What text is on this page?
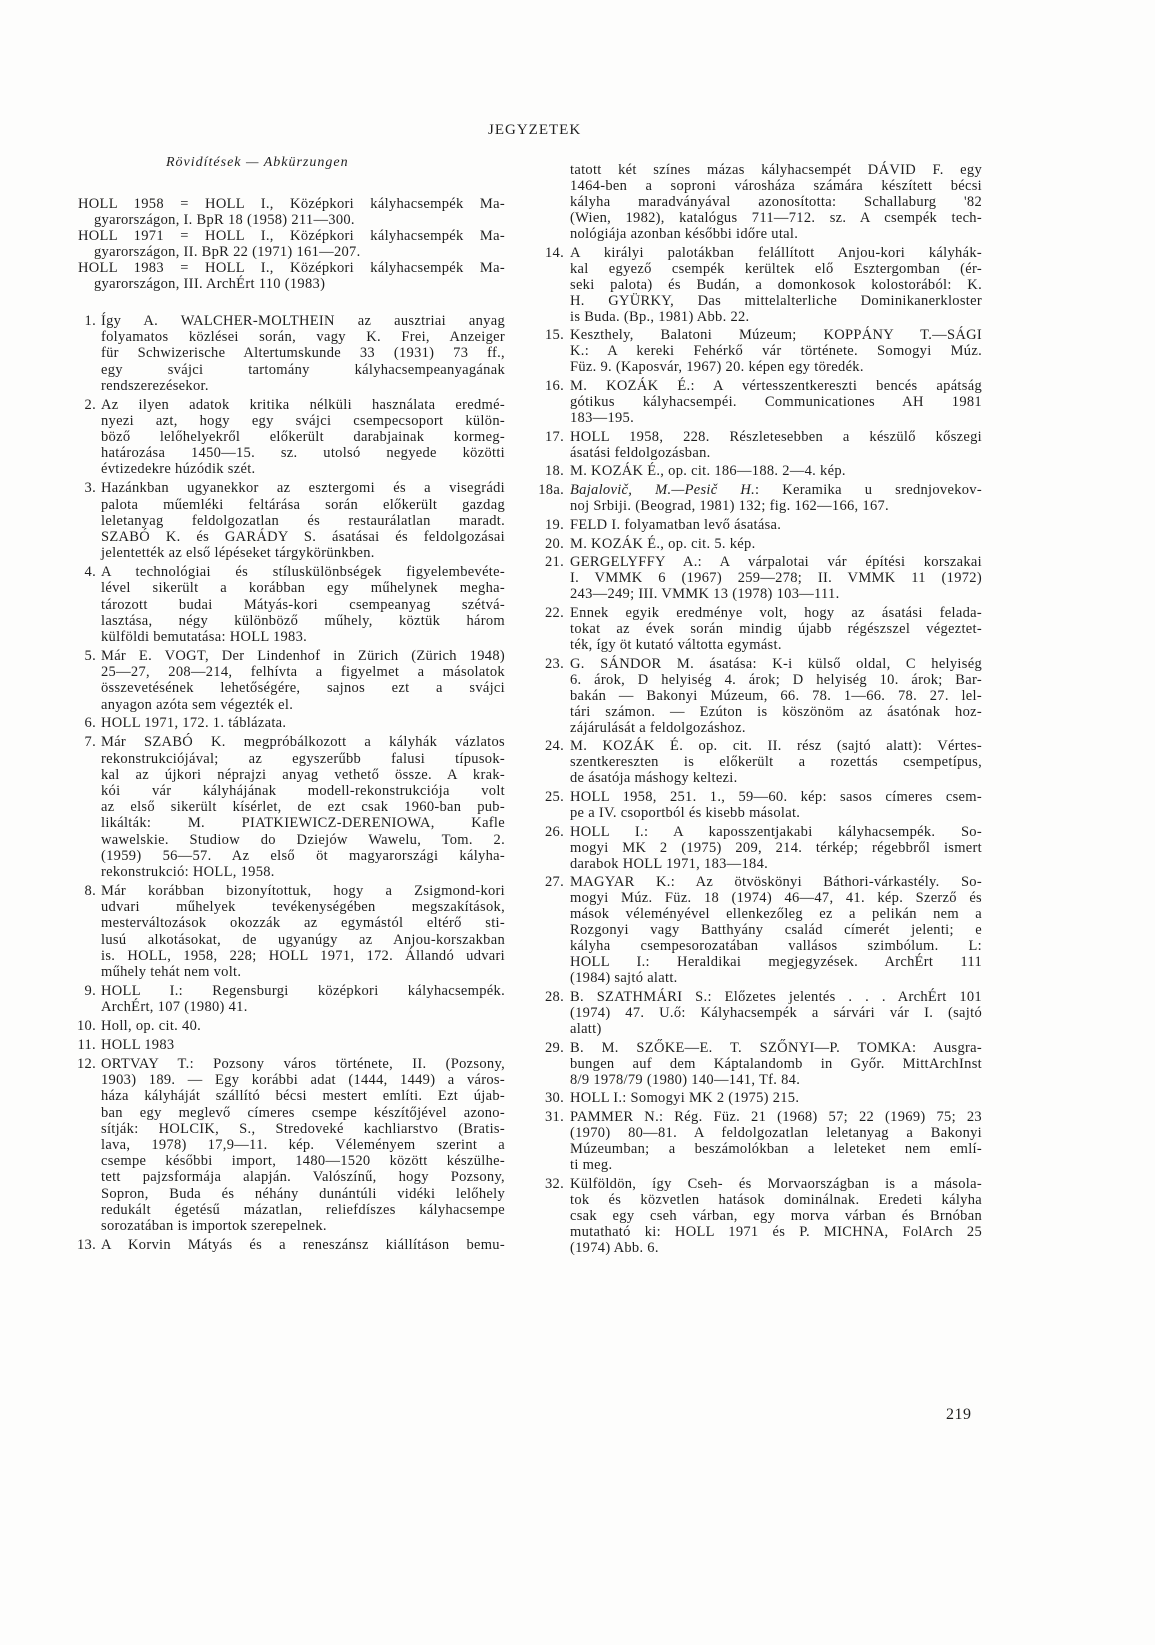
JEGYZETEK
Rövidítések — Abkürzungen
HOLL 1958 = HOLL I., Középkori kályhacsempék Ma-
gyarországon, I. BpR 18 (1958) 211—300.
HOLL 1971 = HOLL I., Középkori kályhacsempék Ma-
gyarországon, II. BpR 22 (1971) 161—207.
HOLL 1983 = HOLL I., Középkori kályhacsempék Ma-
gyarországon, III. ArchÉrt 110 (1983)
1. Így A. WALCHER-MOLTHEIN az ausztriai anyag
folyamatos közlései során, vagy K. Frei, Anzeiger
für Schwizerische Altertumskunde 33 (1931) 73 ff.,
egy svájci tartomány kályhacsempeanyagának
rendszerezésekor.
2. Az ilyen adatok kritika nélküli használata eredmé-
nyezi azt, hogy egy svájci csempecsoport külön-
böző lelőhelyekről előkerült darabjainak kormeg-
határozása 1450—15. sz. utolsó negyede közötti
évtizedekre húzódik szét.
3. Hazánkban ugyanekkor az esztergomi és a visegrádi
palota műemléki feltárása során előkerült gazdag
leletanyag feldolgozatlan és restaurálatlan maradt.
SZABÓ K. és GARÁDY S. ásatásai és feldolgozásai
jelentették az első lépéseket tárgykörünkben.
4. A technológiai és stíluskülönbségek figyelembevéte-
lével sikerült a korábban egy műhelynek megha-
tározott budai Mátyás-kori csempeanyag szétvá-
lasztása, négy különböző műhely, köztük három
külföldi bemutatása: HOLL 1983.
5. Már E. VOGT, Der Lindenhof in Zürich (Zürich 1948)
25—27, 208—214, felhívta a figyelmet a másolatok
összevetésének lehetőségére, sajnos ezt a svájci
anyagon azóta sem végezték el.
6. HOLL 1971, 172. 1. táblázata.
7. Már SZABÓ K. megpróbálkozott a kályhák vázlatos
rekonstrukciójával; az egyszerűbb falusi típusok-
kal az újkori néprajzi anyag vethető össze. A krak-
kói vár kályhájának modell-rekonstrukciója volt
az első sikerült kísérlet, de ezt csak 1960-ban pub-
likálták: M. PIATKIEWICZ-DERENIOWA, Kafle
wawelskie. Studiow do Dziejów Wawelu, Tom. 2.
(1959) 56—57. Az első öt magyarországi kályha-
rekonstrukció: HOLL, 1958.
8. Már korábban bizonyítottuk, hogy a Zsigmond-kori
udvari műhelyek tevékenységében megszakítások,
mesterváltozások okozzák az egymástól eltérő sti-
lusú alkotásokat, de ugyanúgy az Anjou-korszakban
is. HOLL, 1958, 228; HOLL 1971, 172. Állandó udvari
műhely tehát nem volt.
9. HOLL I.: Regensburgi középkori kályhacsempék.
ArchÉrt, 107 (1980) 41.
10. Holl, op. cit. 40.
11. HOLL 1983
12. ORTVAY T.: Pozsony város története, II. (Pozsony,
1903) 189. — Egy korábbi adat (1444, 1449) a város-
háza kályháját szállító bécsi mestert említi. Ezt újab-
ban egy meglevő címeres csempe készítőjével azono-
sítják: HOLCIK, S., Stredoveké kachliarstvo (Bratis-
lava, 1978) 17,9—11. kép. Véleményem szerint a
csempe későbbi import, 1480—1520 között készülhe-
tett pajzsformája alapján. Valószínű, hogy Pozsony,
Sopron, Buda és néhány dunántúli vidéki lelőhely
redukált égetésű mázatlan, reliefdíszes kályhacsempe
sorozatában is importok szerepelnek.
13. A Korvin Mátyás és a reneszánsz kiállításon bemu-
tatott két színes mázas kályhacsempét DÁVID F. egy
1464-ben a soproni városháza számára készített bécsi
kályha maradványával azonosította: Schallaburg '82
(Wien, 1982), katalógus 711—712. sz. A csempék tech-
nológiája azonban későbbi időre utal.
14. A királyi palotákban felállított Anjou-kori kályhák-
kal egyező csempék kerültek elő Esztergomban (ér-
seki palota) és Budán, a domonkosok kolostorából: K.
H. GYÜRKY, Das mittelalterliche Dominikanerkloster
is Buda. (Bp., 1981) Abb. 22.
15. Keszthely, Balatoni Múzeum; KOPPÁNY T.—SÁGI
K.: A kereki Fehérkő vár története. Somogyi Múz.
Füz. 9. (Kaposvár, 1967) 20. képen egy töredék.
16. M. KOZÁK É.: A vértesszentkereszti bencés apátság
gótikus kályhacsempéi. Communicationes AH 1981
183—195.
17. HOLL 1958, 228. Részletesebben a készülő kőszegi
ásatási feldolgozásban.
18. M. KOZÁK É., op. cit. 186—188. 2—4. kép.
18a. Bajalovič, M.—Pesič H.: Keramika u srednjovekov-
noj Srbiji. (Beograd, 1981) 132; fig. 162—166, 167.
19. FELD I. folyamatban levő ásatása.
20. M. KOZÁK É., op. cit. 5. kép.
21. GERGELYFFY A.: A várpalotai vár építési korszakai
I. VMMK 6 (1967) 259—278; II. VMMK 11 (1972)
243—249; III. VMMK 13 (1978) 103—111.
22. Ennek egyik eredménye volt, hogy az ásatási felada-
tokat az évek során mindig újabb régészszel végeztet-
ték, így öt kutató váltotta egymást.
23. G. SÁNDOR M. ásatása: K-i külső oldal, C helyiség
6. árok, D helyiség 4. árok; D helyiség 10. árok; Bar-
bakán — Bakonyi Múzeum, 66. 78. 1—66. 78. 27. lel-
tári számon. — Ezúton is köszönöm az ásatónak hoz-
zájárulását a feldolgozáshoz.
24. M. KOZÁK É. op. cit. II. rész (sajtó alatt): Vértes-
szentkereszten is előkerült a rozettás csempetípus,
de ásatója máshogy keltezi.
25. HOLL 1958, 251. 1., 59—60. kép: sasos címeres csem-
pe a IV. csoportból és kisebb másolat.
26. HOLL I.: A kaposszentjakabi kályhacsempék. So-
mogyi MK 2 (1975) 209, 214. térkép; régebbről ismert
darabok HOLL 1971, 183—184.
27. MAGYAR K.: Az ötvöskönyi Báthori-várkastély. So-
mogyi Múz. Füz. 18 (1974) 46—47, 41. kép. Szerző és
mások véleményével ellenkezőleg ez a pelikán nem a
Rozgonyi vagy Batthyány család címerét jelenti; e
kályha csempesorozatában vallásos szimbólum. L:
HOLL I.: Heraldikai megjegyzések. ArchÉrt 111
(1984) sajtó alatt.
28. B. SZATHMÁRI S.: Előzetes jelentés . . . ArchÉrt 101
(1974) 47. U.ő: Kályhacsempék a sárvári vár I. (sajtó
alatt)
29. B. M. SZŐKE—E. T. SZŐNYI—P. TOMKA: Ausgra-
bungen auf dem Káptalandomb in Győr. MittArchInst
8/9 1978/79 (1980) 140—141, Tf. 84.
30. HOLL I.: Somogyi MK 2 (1975) 215.
31. PAMMER N.: Rég. Füz. 21 (1968) 57; 22 (1969) 75; 23
(1970) 80—81. A feldolgozatlan leletanyag a Bakonyi
Múzeumban; a beszámolókban a leleteket nem emlí-
ti meg.
32. Külföldön, így Cseh- és Morvaországban is a másola-
tok és közvetlen hatások dominálnak. Eredeti kályha
csak egy cseh várban, egy morva várban és Brnóban
mutatható ki: HOLL 1971 és P. MICHNA, FolArch 25
(1974) Abb. 6.
219
